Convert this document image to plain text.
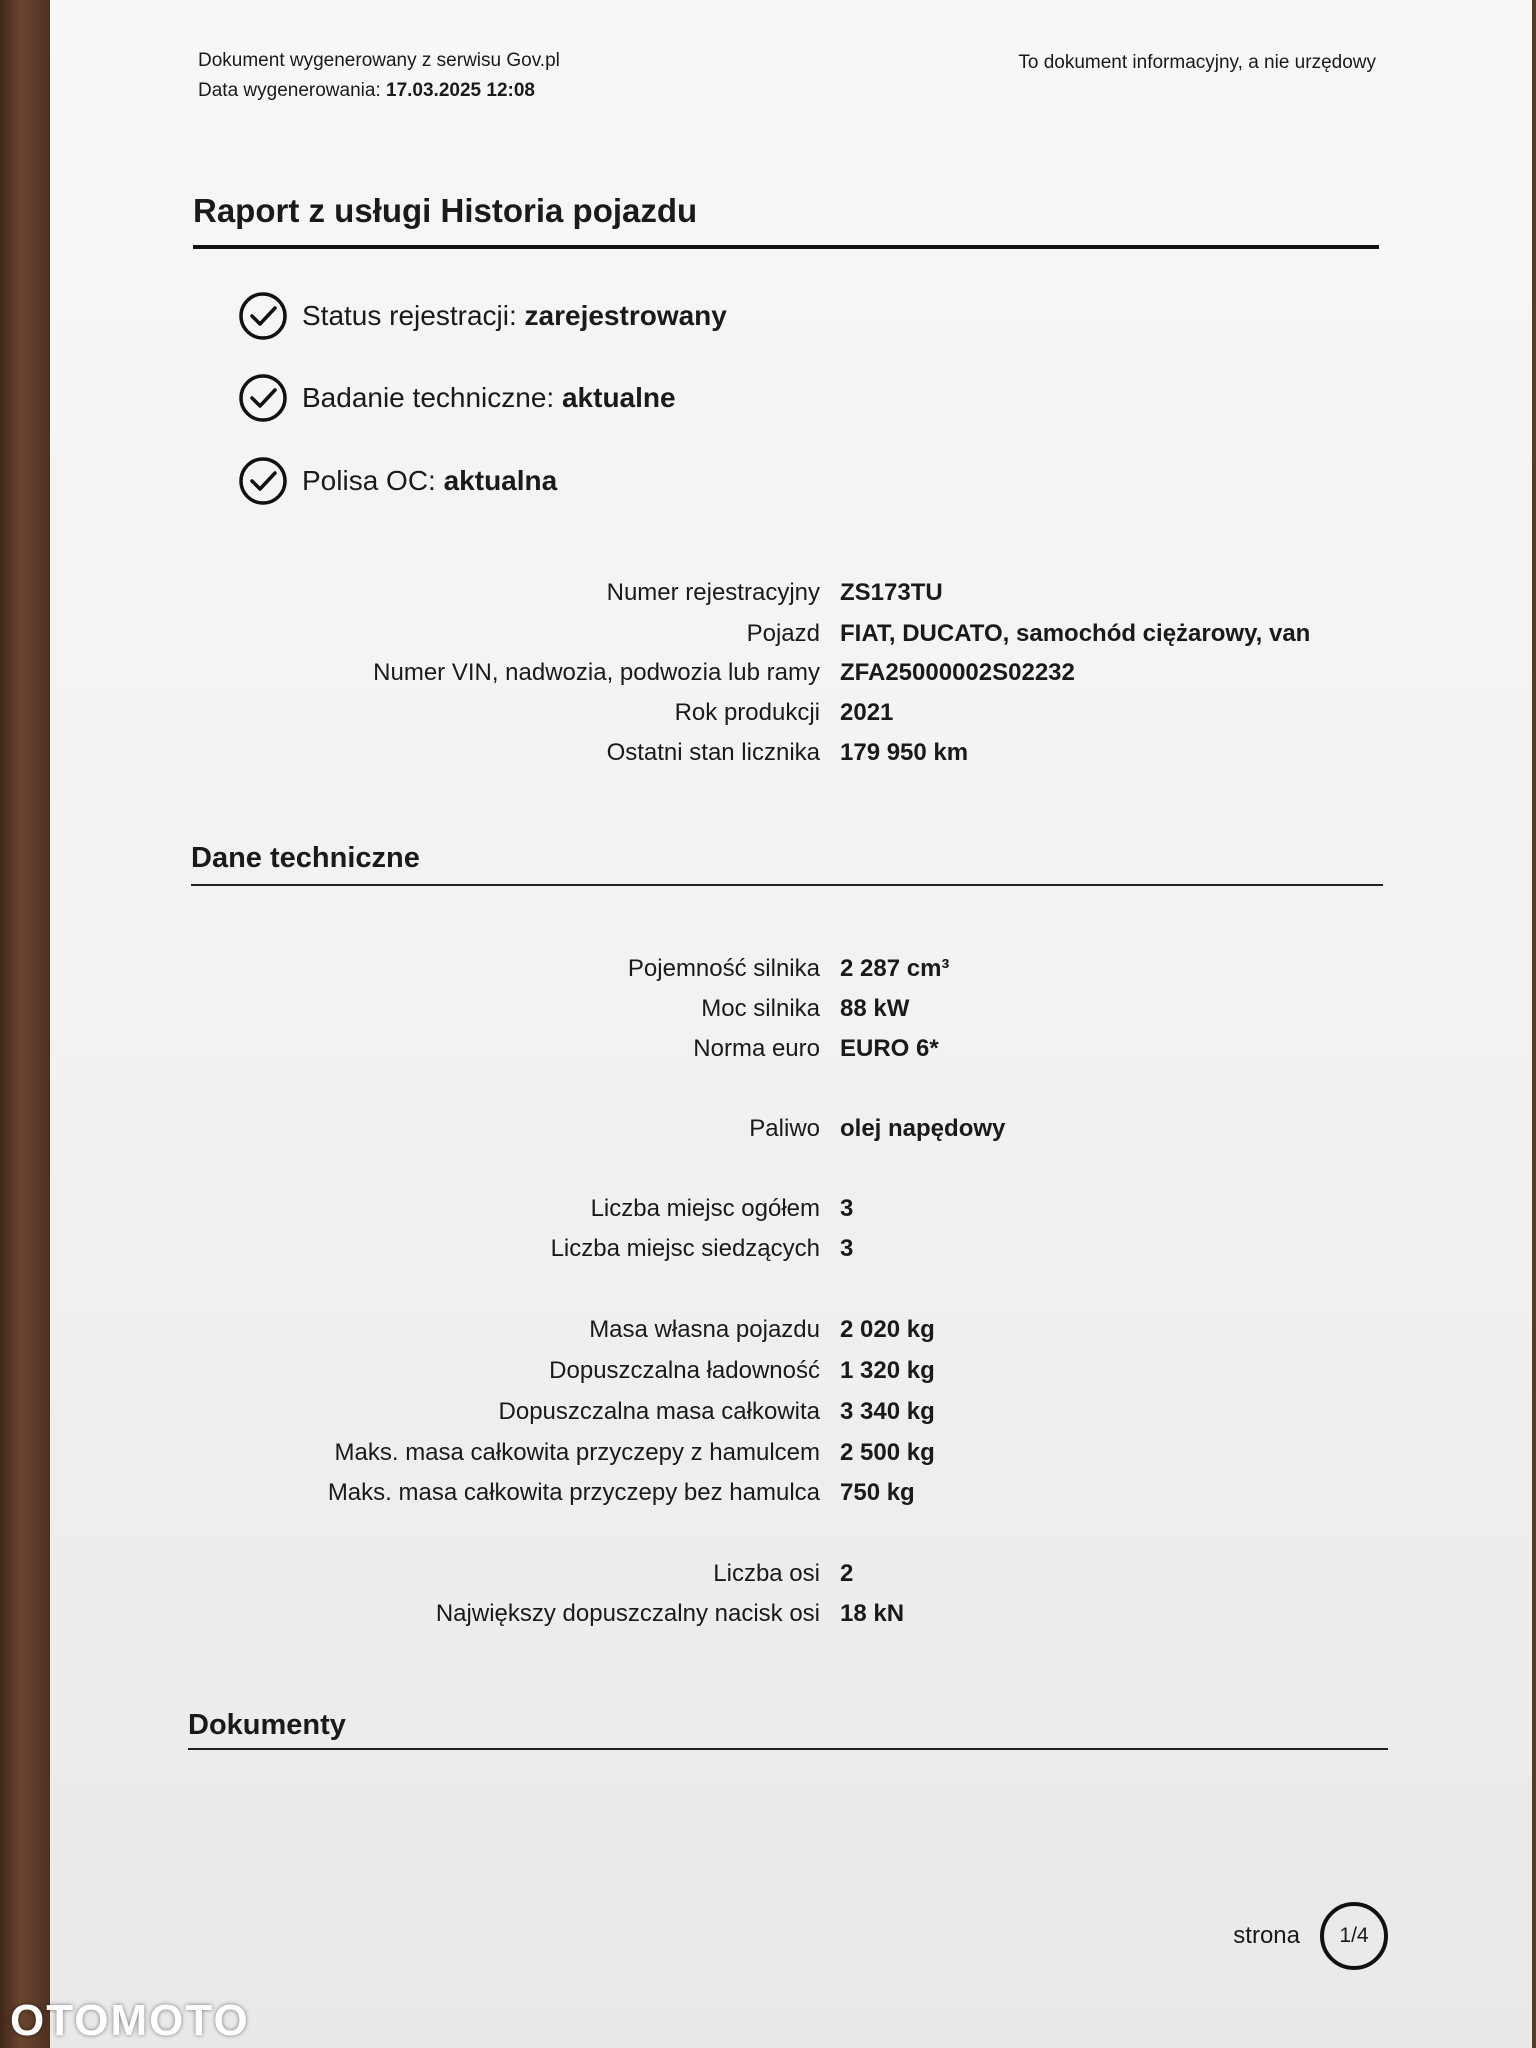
Dokument wygenerowany z serwisu Gov.pl
Data wygenerowania: 17.03.2025 12:08
To dokument informacyjny, a nie urzędowy
Raport z usługi Historia pojazdu
Status rejestracji:
zarejestrowany
Badanie techniczne:
aktualne
Polisa OC:
aktualna
Numer rejestracyjny ZS173TU
Pojazd FIAT, DUCATO, samochód ciężarowy, van
Numer VIN, nadwozia, podwozia lub ramy ZFA25000002S02232
Rok produkcji 2021
Ostatni stan licznika 179 950 km
Dane techniczne
Pojemność silnika 2 287 cm³
Moc silnika 88 kW
Norma euro EURO 6*
Paliwo olej napędowy
Liczba miejsc ogółem 3
Liczba miejsc siedzących 3
Masa własna pojazdu 2 020 kg
Dopuszczalna ładowność 1 320 kg
Dopuszczalna masa całkowita 3 340 kg
Maks. masa całkowita przyczepy z hamulcem 2 500 kg
Maks. masa całkowita przyczepy bez hamulca 750 kg
Liczba osi 2
Największy dopuszczalny nacisk osi 18 kN
Dokumenty
strona 1/4
OTOMOTO
